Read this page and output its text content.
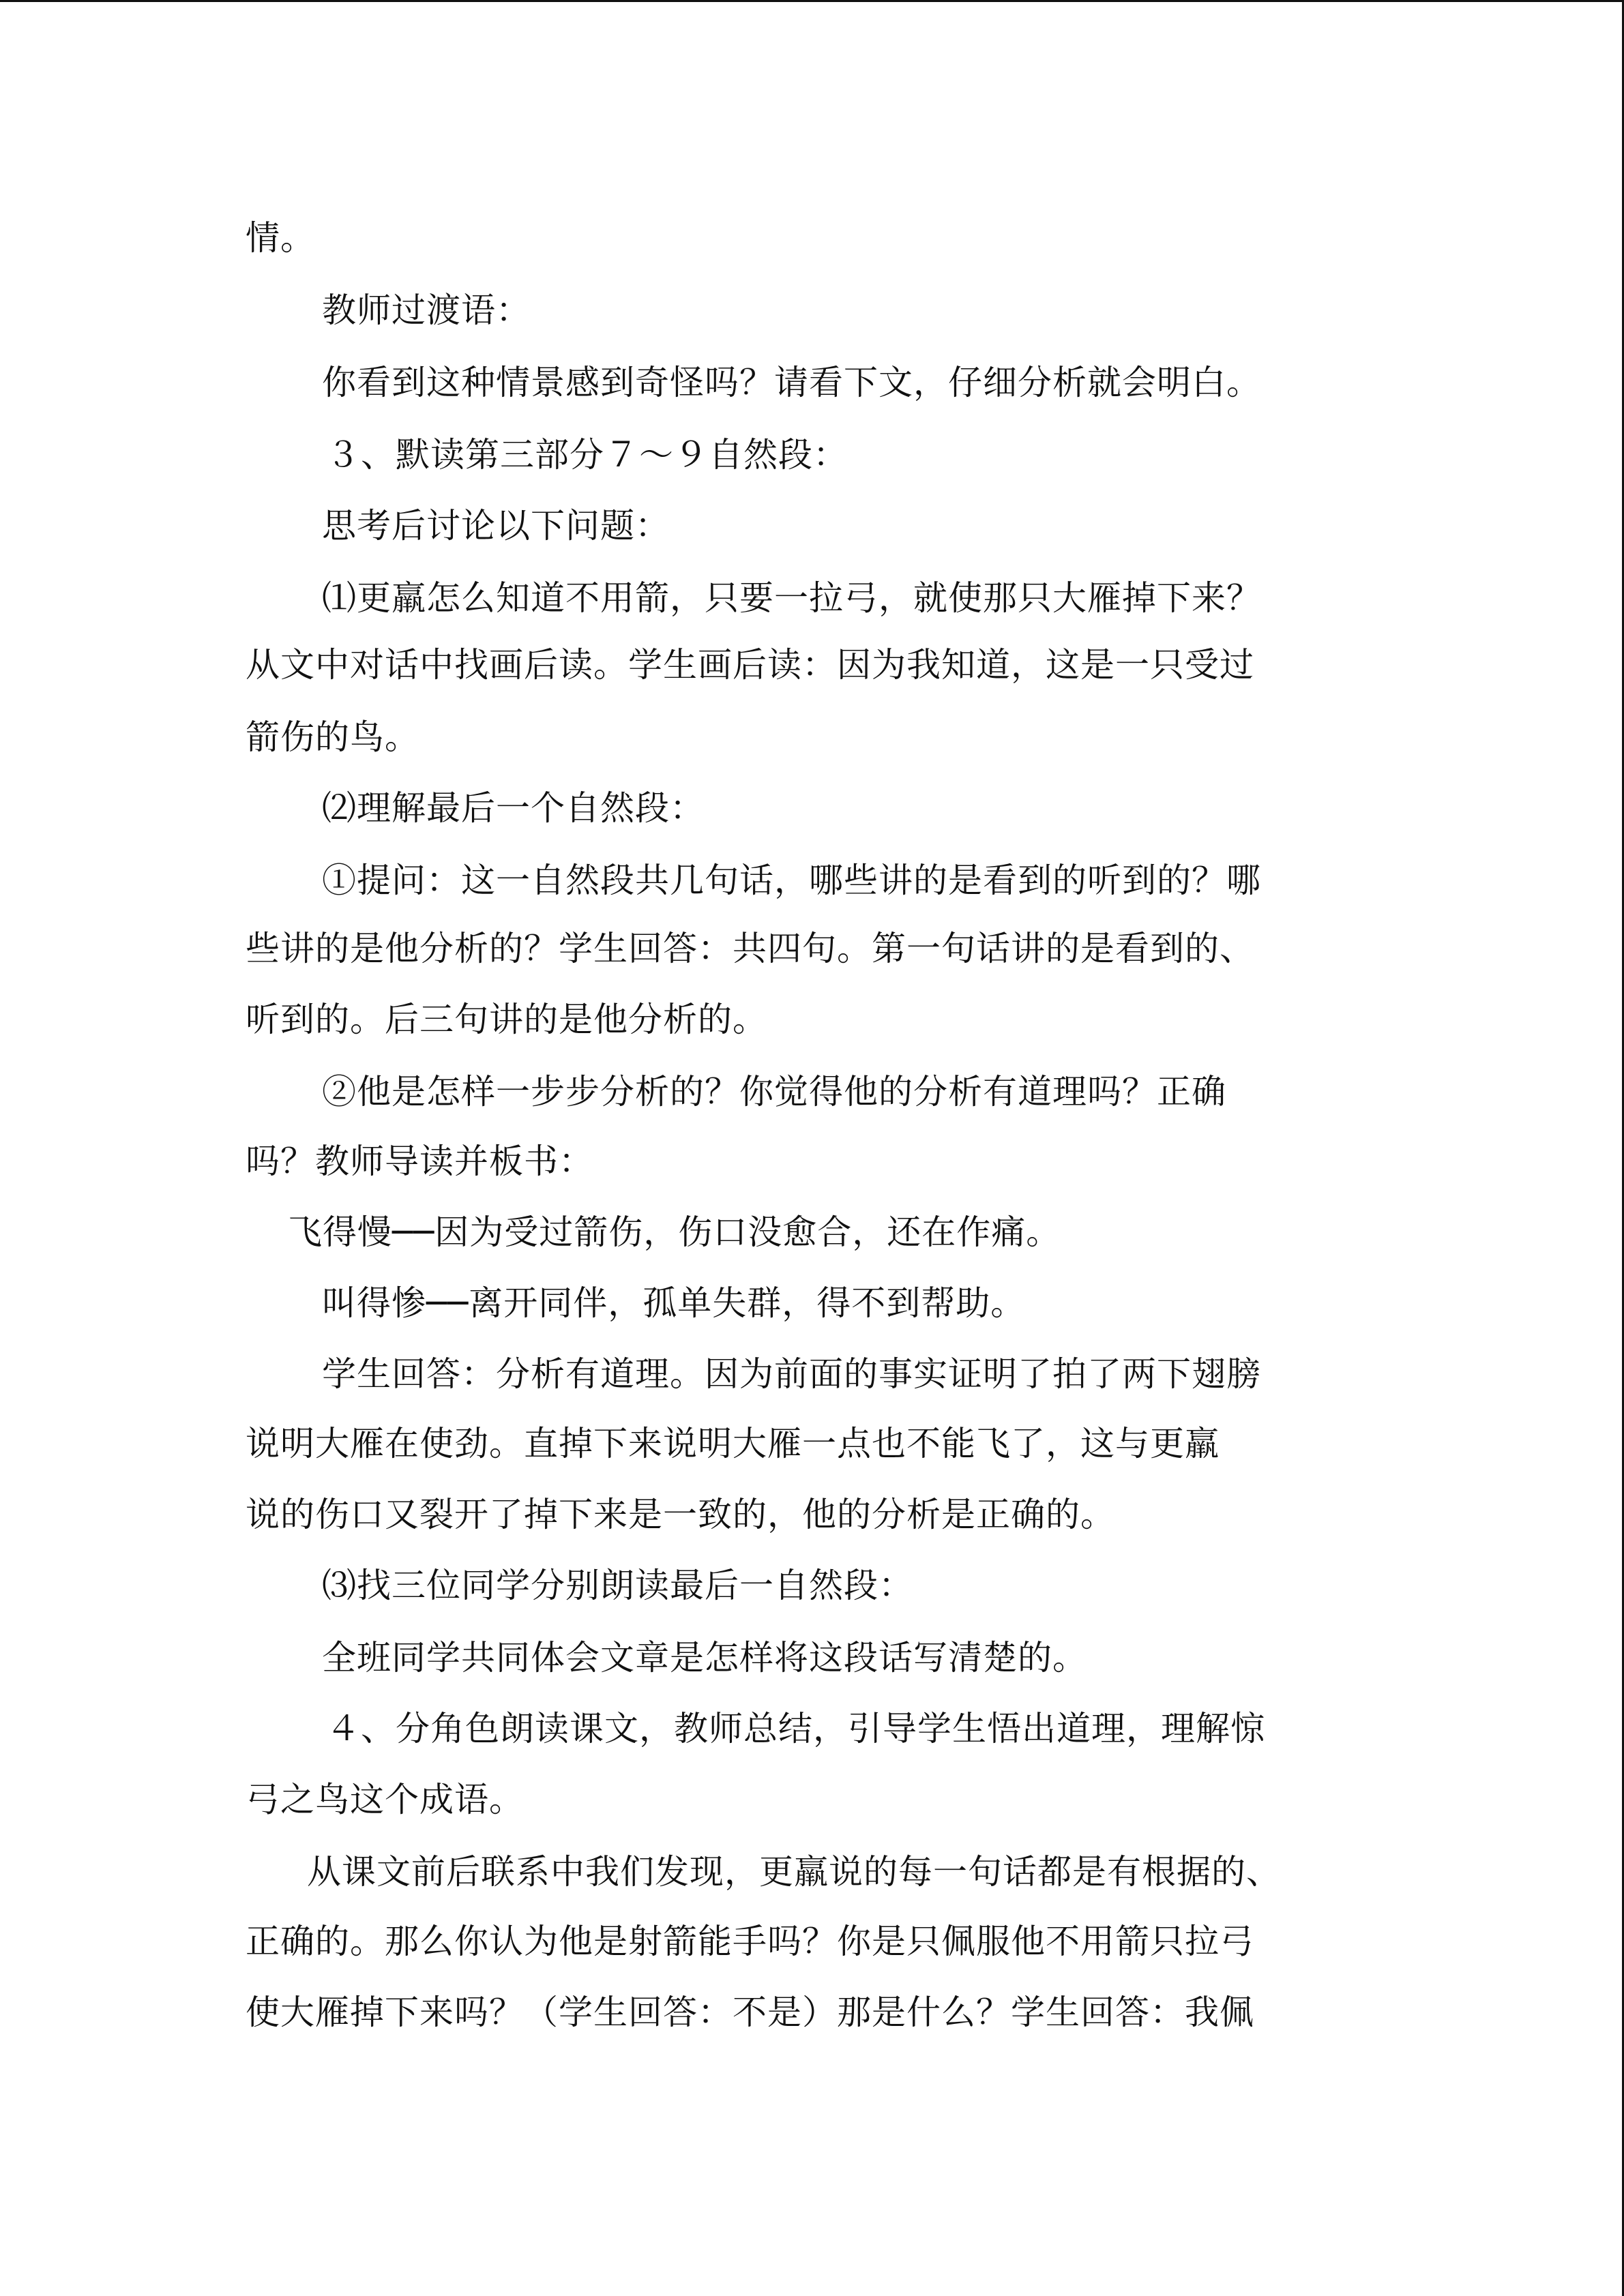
情。
教师过渡语：
你看到这种情景感到奇怪吗？请看下文，仔细分析就会明白。
３、默读第三部分７～９自然段：
思考后讨论以下问题：
⑴更羸怎么知道不用箭，只要一拉弓，就使那只大雁掉下来？
从文中对话中找画后读。学生画后读：因为我知道，这是一只受过
箭伤的鸟。
⑵理解最后一个自然段：
①提问：这一自然段共几句话，哪些讲的是看到的听到的？哪
些讲的是他分析的？学生回答：共四句。第一句话讲的是看到的、
听到的。后三句讲的是他分析的。
②他是怎样一步步分析的？你觉得他的分析有道理吗？正确
吗？教师导读并板书：
飞得慢──因为受过箭伤，伤口没愈合，还在作痛。
叫得惨──离开同伴，孤单失群，得不到帮助。
学生回答：分析有道理。因为前面的事实证明了拍了两下翅膀
说明大雁在使劲。直掉下来说明大雁一点也不能飞了，这与更羸
说的伤口又裂开了掉下来是一致的，他的分析是正确的。
⑶找三位同学分别朗读最后一自然段：
全班同学共同体会文章是怎样将这段话写清楚的。
４、分角色朗读课文，教师总结，引导学生悟出道理，理解惊
弓之鸟这个成语。
从课文前后联系中我们发现，更羸说的每一句话都是有根据的、
正确的。那么你认为他是射箭能手吗？你是只佩服他不用箭只拉弓
使大雁掉下来吗？（学生回答：不是）那是什么？学生回答：我佩
